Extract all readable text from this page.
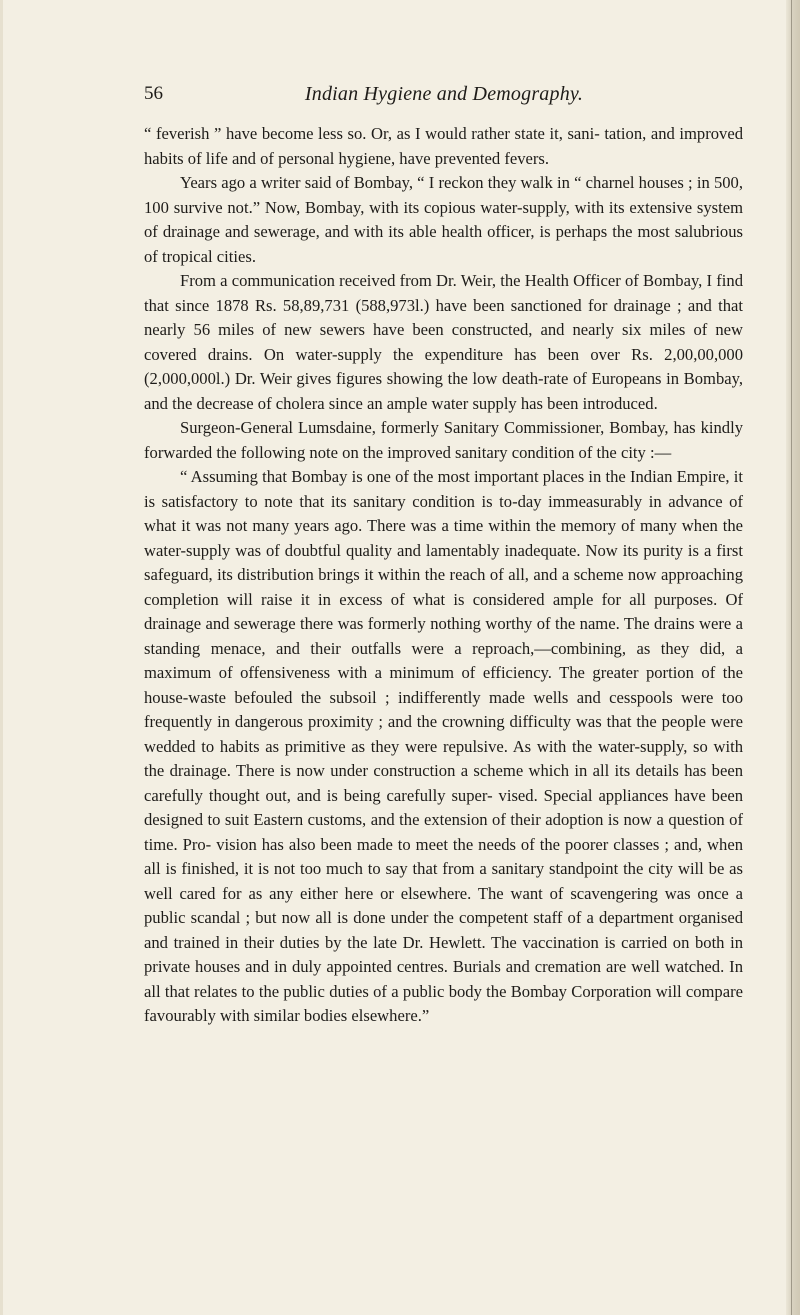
56	Indian Hygiene and Demography.

“ feverish ” have become less so. Or, as I would rather state it, sani- tation, and improved habits of life and of personal hygiene, have prevented fevers.

Years ago a writer said of Bombay, “ I reckon they walk in “ charnel houses ; in 500, 100 survive not.” Now, Bombay, with its copious water-supply, with its extensive system of drainage and sewerage, and with its able health officer, is perhaps the most salubrious of tropical cities.

From a communication received from Dr. Weir, the Health Officer of Bombay, I find that since 1878 Rs. 58,89,731 (588,973l.) have been sanctioned for drainage ; and that nearly 56 miles of new sewers have been constructed, and nearly six miles of new covered drains. On water-supply the expenditure has been over Rs. 2,00,00,000 (2,000,000l.) Dr. Weir gives figures showing the low death-rate of Europeans in Bombay, and the decrease of cholera since an ample water supply has been introduced.

Surgeon-General Lumsdaine, formerly Sanitary Commissioner, Bombay, has kindly forwarded the following note on the improved sanitary condition of the city :—

“ Assuming that Bombay is one of the most important places in the Indian Empire, it is satisfactory to note that its sanitary condition is to-day immeasurably in advance of what it was not many years ago. There was a time within the memory of many when the water-supply was of doubtful quality and lamentably inadequate. Now its purity is a first safeguard, its distribution brings it within the reach of all, and a scheme now approaching completion will raise it in excess of what is considered ample for all purposes. Of drainage and sewerage there was formerly nothing worthy of the name. The drains were a standing menace, and their outfalls were a reproach,—combining, as they did, a maximum of offensiveness with a minimum of efficiency. The greater portion of the house-waste befouled the subsoil ; indifferently made wells and cesspools were too frequently in dangerous proximity ; and the crowning difficulty was that the people were wedded to habits as primitive as they were repulsive. As with the water-supply, so with the drainage. There is now under construction a scheme which in all its details has been carefully thought out, and is being carefully super- vised. Special appliances have been designed to suit Eastern customs, and the extension of their adoption is now a question of time. Pro- vision has also been made to meet the needs of the poorer classes ; and, when all is finished, it is not too much to say that from a sanitary standpoint the city will be as well cared for as any either here or elsewhere. The want of scavengering was once a public scandal ; but now all is done under the competent staff of a department organised and trained in their duties by the late Dr. Hewlett. The vaccination is carried on both in private houses and in duly appointed centres. Burials and cremation are well watched. In all that relates to the public duties of a public body the Bombay Corporation will compare favourably with similar bodies elsewhere.”
